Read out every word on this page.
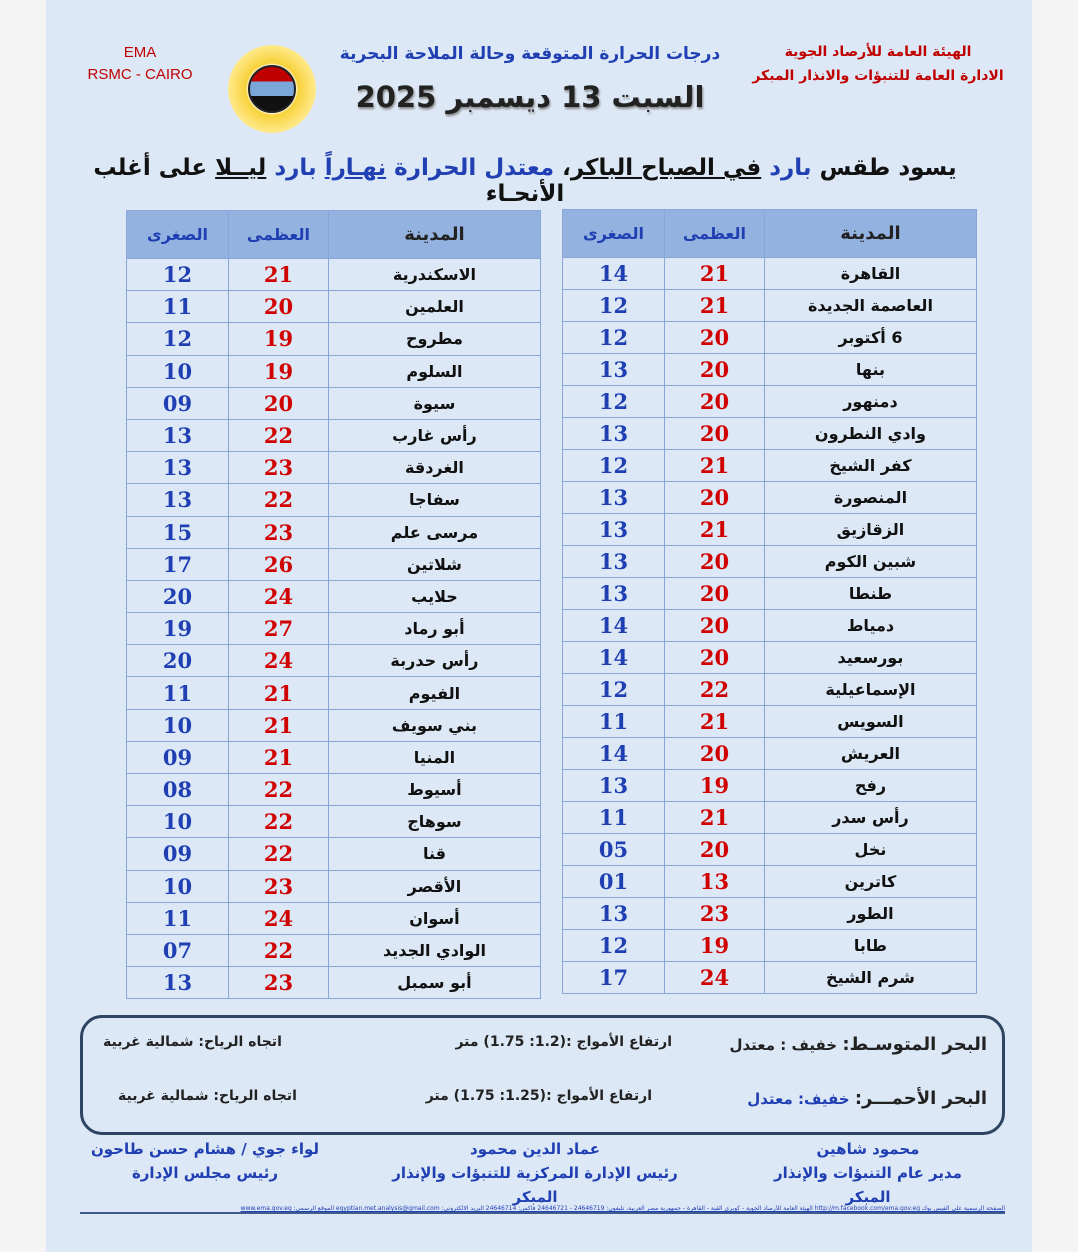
EMA
RSMC - CAIRO
درجات الحرارة المتوقعة وحالة الملاحة البحرية
السبت 13 ديسمبر 2025
الهيئة العامة للأرصاد الجوية
الادارة العامة للتنبؤات والانذار المبكر
يسود طقس بارد في الصباح الباكر، معتدل الحرارة نهـاراً بارد ليــلا على أغلب الأنحـاء
المدينة	العظمى	الصغرى
القاهرة	21	14
العاصمة الجديدة	21	12
6 أكتوبر	20	12
بنها	20	13
دمنهور	20	12
وادي النطرون	20	13
كفر الشيخ	21	12
المنصورة	20	13
الزقازيق	21	13
شبين الكوم	20	13
طنطا	20	13
دمياط	20	14
بورسعيد	20	14
الإسماعيلية	22	12
السويس	21	11
العريش	20	14
رفح	19	13
رأس سدر	21	11
نخل	20	05
كاترين	13	01
الطور	23	13
طابا	19	12
شرم الشيخ	24	17
المدينة	العظمى	الصغرى
الاسكندرية	21	12
العلمين	20	11
مطروح	19	12
السلوم	19	10
سيوة	20	09
رأس غارب	22	13
الغردقة	23	13
سفاجا	22	13
مرسى علم	23	15
شلاتين	26	17
حلايب	24	20
أبو رماد	27	19
رأس حدربة	24	20
الفيوم	21	11
بني سويف	21	10
المنيا	21	09
أسيوط	22	08
سوهاج	22	10
قنا	22	09
الأقصر	23	10
أسوان	24	11
الوادي الجديد	22	07
أبو سمبل	23	13
البحر المتوسـط: خفيف : معتدل
ارتفاع الأمواج :(1.2: 1.75) متر
اتجاه الرياح: شمالية غربية
البحر الأحمـــر: خفيف: معتدل
ارتفاع الأمواج :(1.25: 1.75) متر
اتجاه الرياح: شمالية غربية
محمود شاهين
مدير عام التنبؤات والإنذار المبكر
عماد الدين محمود
رئيس الإدارة المركزية للتنبؤات والإنذار المبكر
لواء جوي / هشام حسن طاحون
رئيس مجلس الإدارة
الصفحة الرسمية على الفيس بوك http://m.facebook.com/ema.gov.eg الهيئة العامة للأرصاد الجوية - كوبري القبة - القاهرة - جمهورية مصر العربية، تليفون: 24646719 - 24646721 فاكس: 24646714 البريد الالكتروني: egyptian.met.analysis@gmail.com الموقع الرسمي: www.ema.gov.eg
